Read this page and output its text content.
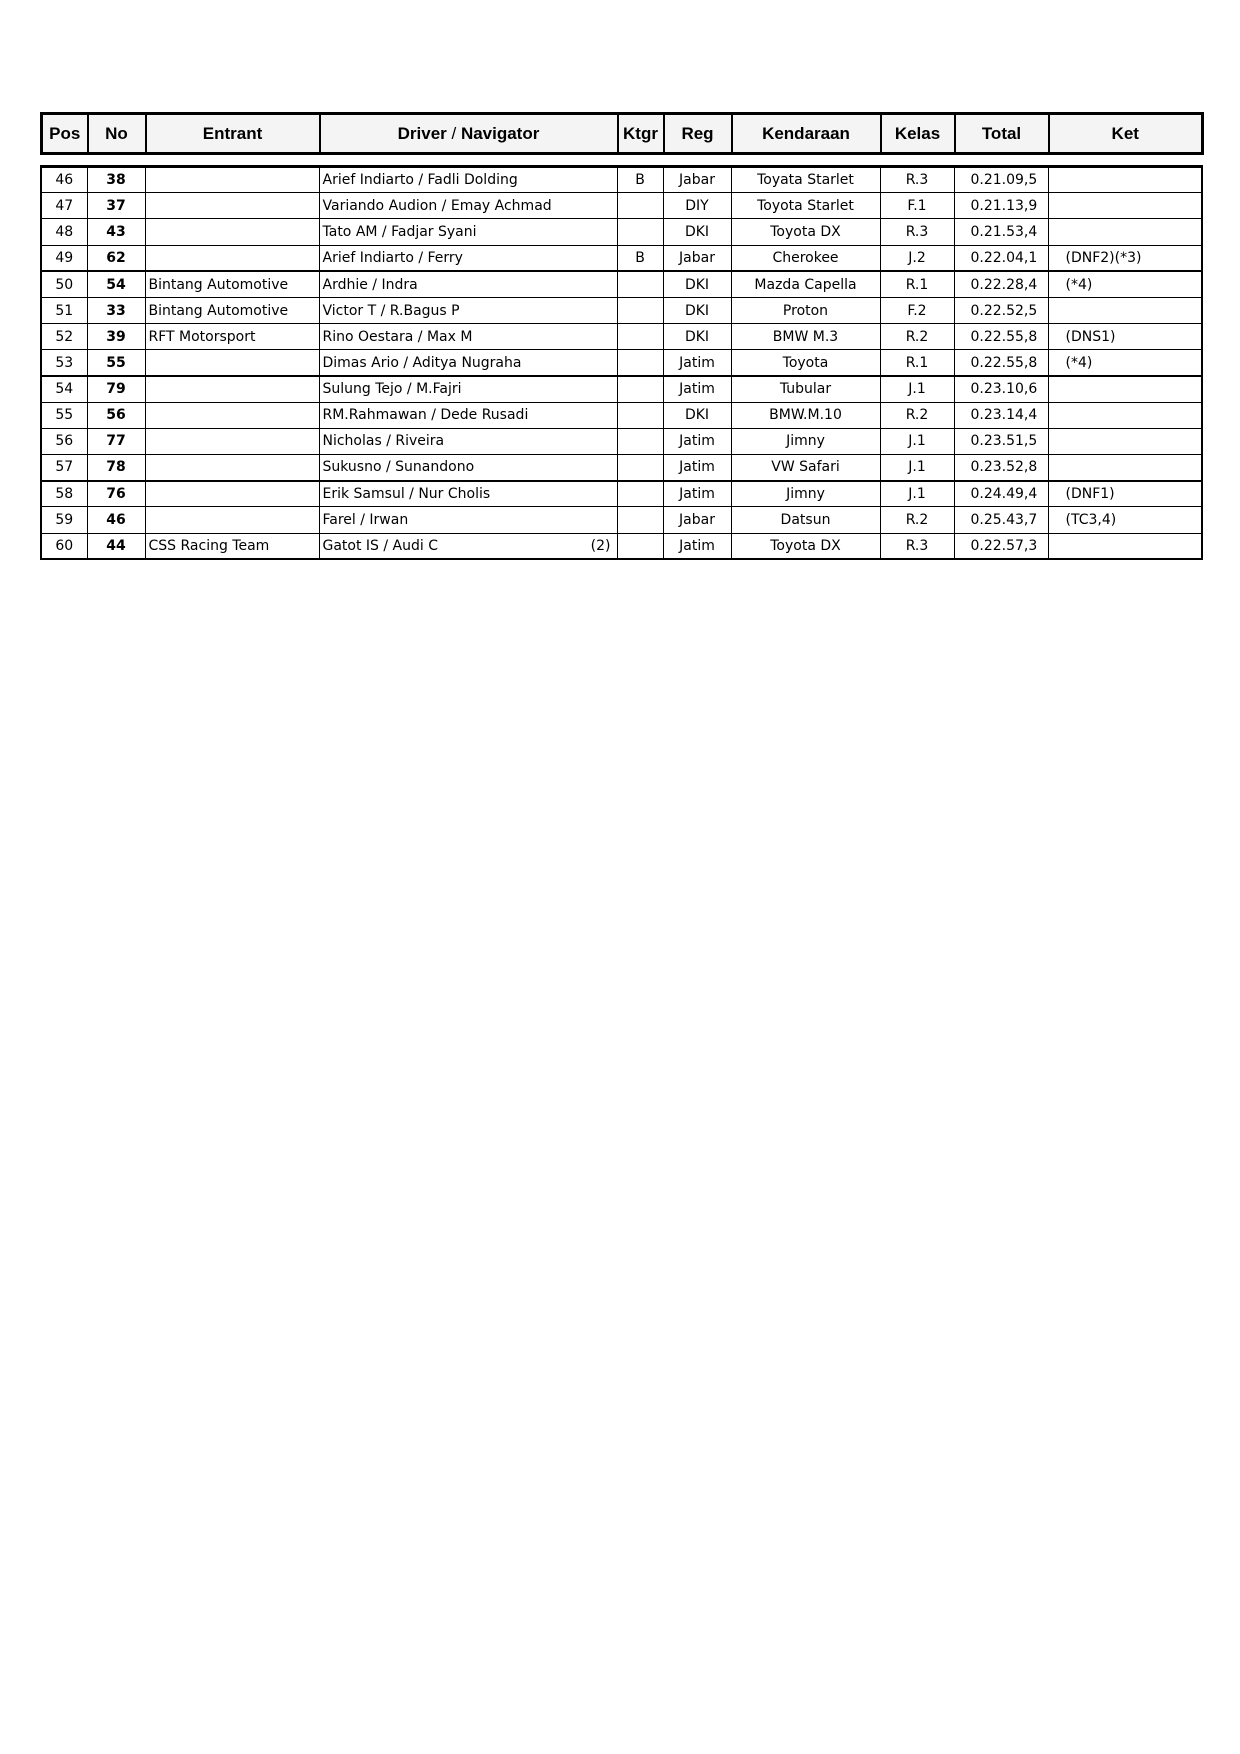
Pos	No	Entrant	Driver / Navigator	Ktgr	Reg	Kendaraan	Kelas	Total	Ket
46	38		Arief Indiarto / Fadli Dolding	B	Jabar	Toyata Starlet	R.3	0.21.09,5	
47	37		Variando Audion / Emay Achmad		DIY	Toyota Starlet	F.1	0.21.13,9	
48	43		Tato AM / Fadjar Syani		DKI	Toyota DX	R.3	0.21.53,4	
49	62		Arief Indiarto / Ferry	B	Jabar	Cherokee	J.2	0.22.04,1	(DNF2)(*3)
50	54	Bintang Automotive	Ardhie / Indra		DKI	Mazda Capella	R.1	0.22.28,4	(*4)
51	33	Bintang Automotive	Victor T / R.Bagus P		DKI	Proton	F.2	0.22.52,5	
52	39	RFT Motorsport	Rino Oestara / Max M		DKI	BMW M.3	R.2	0.22.55,8	(DNS1)
53	55		Dimas Ario / Aditya Nugraha		Jatim	Toyota	R.1	0.22.55,8	(*4)
54	79		Sulung Tejo / M.Fajri		Jatim	Tubular	J.1	0.23.10,6	
55	56		RM.Rahmawan / Dede Rusadi		DKI	BMW.M.10	R.2	0.23.14,4	
56	77		Nicholas / Riveira		Jatim	Jimny	J.1	0.23.51,5	
57	78		Sukusno / Sunandono		Jatim	VW Safari	J.1	0.23.52,8	
58	76		Erik Samsul / Nur Cholis		Jatim	Jimny	J.1	0.24.49,4	(DNF1)
59	46		Farel / Irwan		Jabar	Datsun	R.2	0.25.43,7	(TC3,4)
60	44	CSS Racing Team	Gatot IS / Audi C (2)		Jatim	Toyota DX	R.3	0.22.57,3	
